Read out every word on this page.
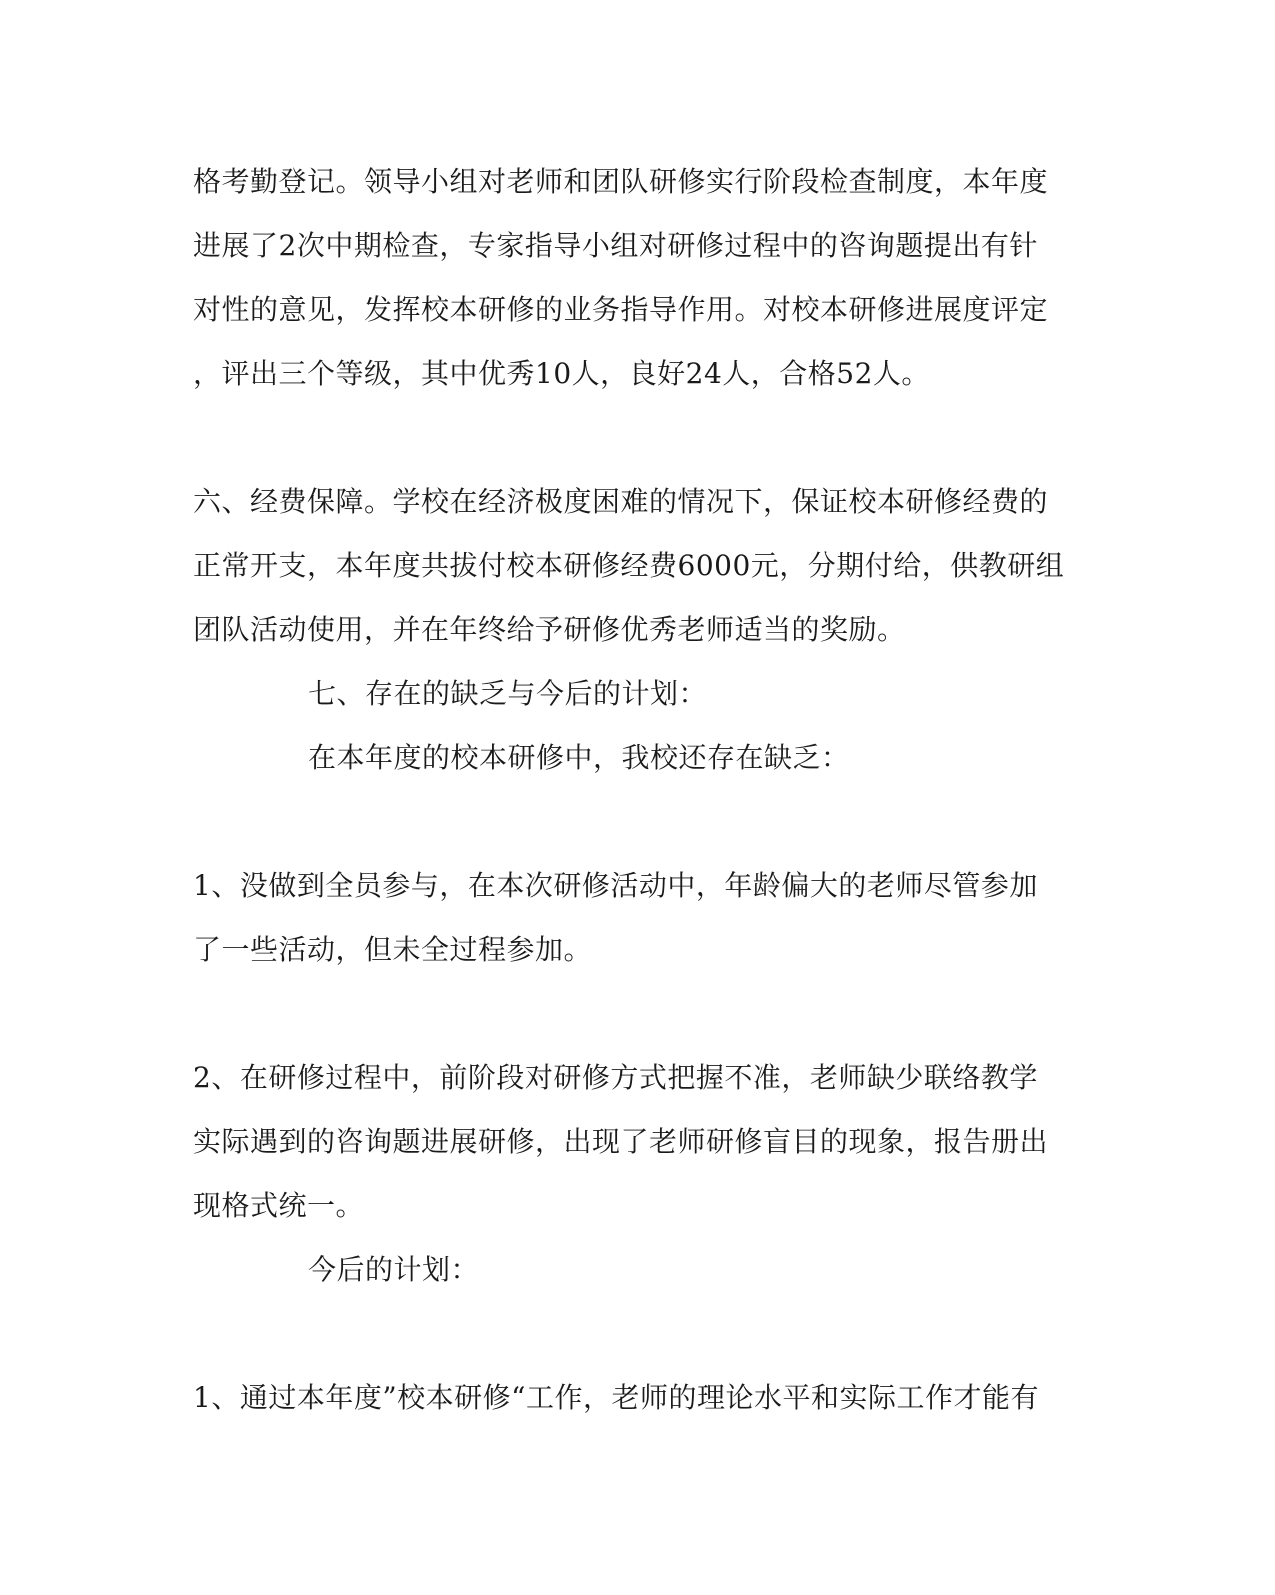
格考勤登记。领导小组对老师和团队研修实行阶段检查制度，本年度
进展了2次中期检查，专家指导小组对研修过程中的咨询题提出有针
对性的意见，发挥校本研修的业务指导作用。对校本研修进展度评定
，评出三个等级，其中优秀10人，良好24人，合格52人。
六、经费保障。学校在经济极度困难的情况下，保证校本研修经费的
正常开支，本年度共拔付校本研修经费6000元，分期付给，供教研组
团队活动使用，并在年终给予研修优秀老师适当的奖励。
七、存在的缺乏与今后的计划：
在本年度的校本研修中，我校还存在缺乏：
1、没做到全员参与，在本次研修活动中，年龄偏大的老师尽管参加
了一些活动，但未全过程参加。
2、在研修过程中，前阶段对研修方式把握不准，老师缺少联络教学
实际遇到的咨询题进展研修，出现了老师研修盲目的现象，报告册出
现格式统一。
今后的计划：
1、通过本年度”校本研修“工作，老师的理论水平和实际工作才能有
